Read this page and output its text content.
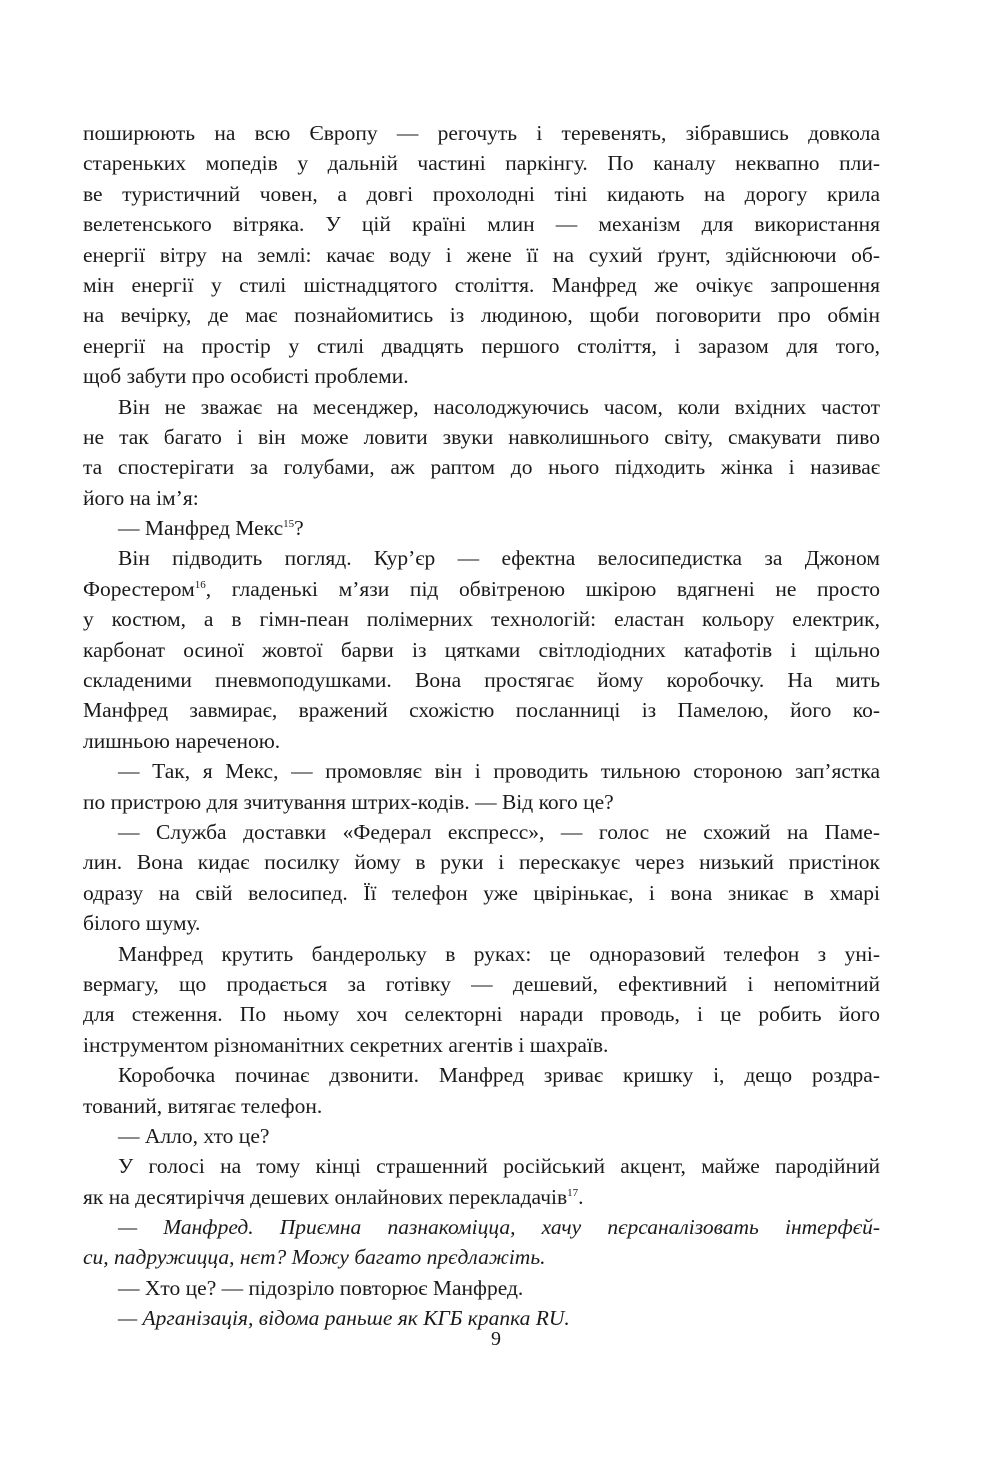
поширюють на всю Європу — регочуть і теревенять, зібравшись довкола
стареньких мопедів у дальній частині паркінгу. По каналу неквапно пли-
ве туристичний човен, а довгі прохолодні тіні кидають на дорогу крила
велетенського вітряка. У цій країні млин — механізм для використання
енергії вітру на землі: качає воду і жене її на сухий ґрунт, здійснюючи об-
мін енергії у стилі шістнадцятого століття. Манфред же очікує запрошення
на вечірку, де має познайомитись із людиною, щоби поговорити про обмін
енергії на простір у стилі двадцять першого століття, і заразом для того,
щоб забути про особисті проблеми.
Він не зважає на месенджер, насолоджуючись часом, коли вхідних частот
не так багато і він може ловити звуки навколишнього світу, смакувати пиво
та спостерігати за голубами, аж раптом до нього підходить жінка і називає
його на ім’я:
— Манфред Мекс$^{15}$?
Він підводить погляд. Кур’єр — ефектна велосипедистка за Джоном
Форестером$^{16}$, гладенькі м’язи під обвітреною шкірою вдягнені не просто
у костюм, а в гімн-пеан полімерних технологій: еластан кольору електрик,
карбонат осиної жовтої барви із цятками світлодіодних катафотів і щільно
складеними пневмоподушками. Вона простягає йому коробочку. На мить
Манфред завмирає, вражений схожістю посланниці із Памелою, його ко-
лишньою нареченою.
— Так, я Мекс, — промовляє він і проводить тильною стороною зап’ястка
по пристрою для зчитування штрих-кодів. — Від кого це?
— Служба доставки «Федерал експресс», — голос не схожий на Паме-
лин. Вона кидає посилку йому в руки і перескакує через низький пристінок
одразу на свій велосипед. Її телефон уже цвірінькає, і вона зникає в хмарі
білого шуму.
Манфред крутить бандерольку в руках: це одноразовий телефон з уні-
вермагу, що продається за готівку — дешевий, ефективний і непомітний
для стеження. По ньому хоч селекторні наради проводь, і це робить його
інструментом різноманітних секретних агентів і шахраїв.
Коробочка починає дзвонити. Манфред зриває кришку і, дещо роздра-
тований, витягає телефон.
— Алло, хто це?
У голосі на тому кінці страшенний російський акцент, майже пародійний
як на десятиріччя дешевих онлайнових перекладачів$^{17}$.
— Манфред. Приємна пазнакоміцца, хачу пєрсаналізовать інтерфєй-
си, падружицца, нєт? Можу багато прєдлажіть.
— Хто це? — підозріло повторює Манфред.
— Арганізація, відома раньше як КГБ крапка RU.
9
